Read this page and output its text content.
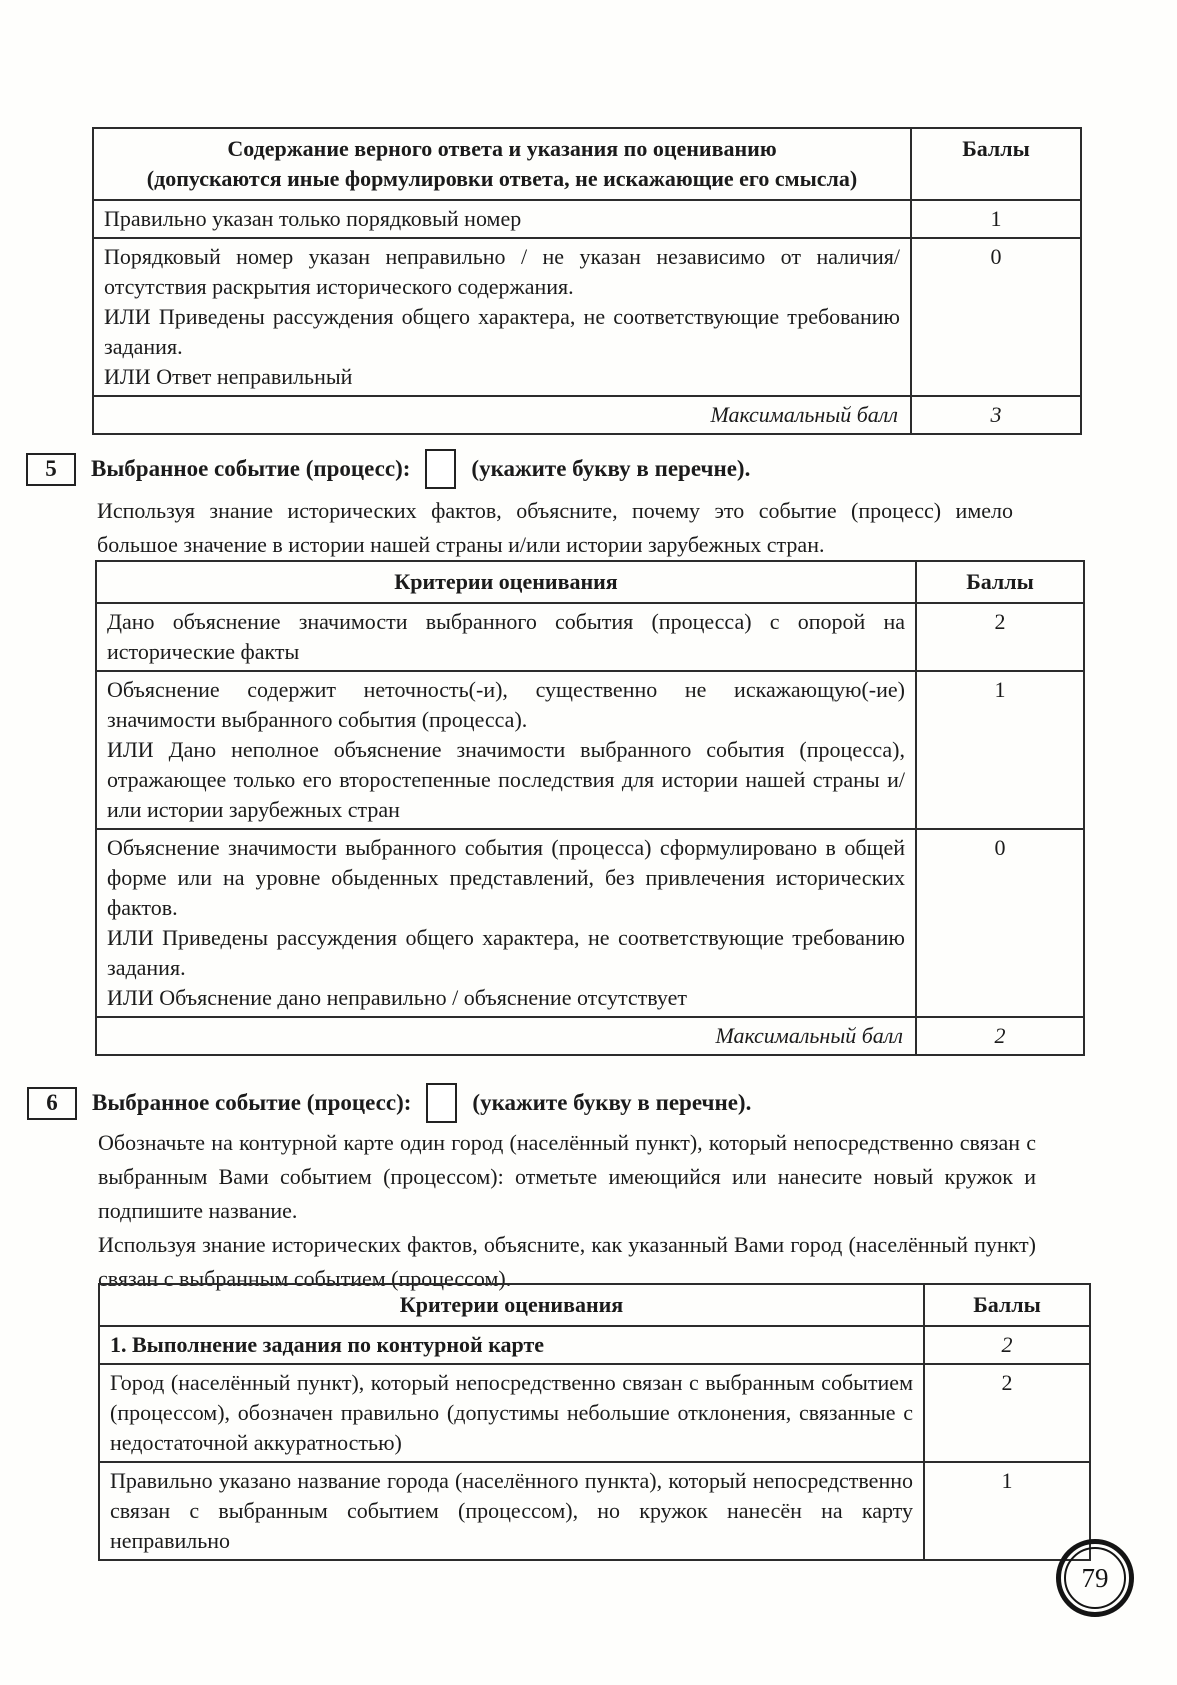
Содержание верного ответа и указания по оцениванию
(допускаются иные формулировки ответа, не искажающие его смысла)	Баллы

Правильно указан только порядковый номер	1

Порядковый номер указан неправильно / не указан независимо от наличия/отсутствия раскрытия исторического содержания.
ИЛИ Приведены рассуждения общего характера, не соответствующие требованию задания.
ИЛИ Ответ неправильный	0
Максимальный балл	3
5	Выбранное событие (процесс):	(укажите букву в перечне).
Используя знание исторических фактов, объясните, почему это событие (процесс) имело большое значение в истории нашей страны и/или истории зарубежных стран.
Критерии оценивания	Баллы

Дано объяснение значимости выбранного события (процесса) с опорой на исторические факты	2

Объяснение содержит неточность(-и), существенно не искажающую(-ие) значимости выбранного события (процесса).
ИЛИ Дано неполное объяснение значимости выбранного события (процесса), отражающее только его второстепенные последствия для истории нашей страны и/или истории зарубежных стран	1

Объяснение значимости выбранного события (процесса) сформулировано в общей форме или на уровне обыденных представлений, без привлечения исторических фактов.
ИЛИ Приведены рассуждения общего характера, не соответствующие требованию задания.
ИЛИ Объяснение дано неправильно / объяснение отсутствует	0
Максимальный балл	2
6	Выбранное событие (процесс):	(укажите букву в перечне).
Обозначьте на контурной карте один город (населённый пункт), который непосредственно связан с выбранным Вами событием (процессом): отметьте имеющийся или нанесите новый кружок и подпишите название.
Используя знание исторических фактов, объясните, как указанный Вами город (населённый пункт) связан с выбранным событием (процессом).
Критерии оценивания	Баллы

1. Выполнение задания по контурной карте	2

Город (населённый пункт), который непосредственно связан с выбранным событием (процессом), обозначен правильно (допустимы небольшие отклонения, связанные с недостаточной аккуратностью)	2

Правильно указано название города (населённого пункта), который непосредственно связан с выбранным событием (процессом), но кружок нанесён на карту неправильно	1
79
